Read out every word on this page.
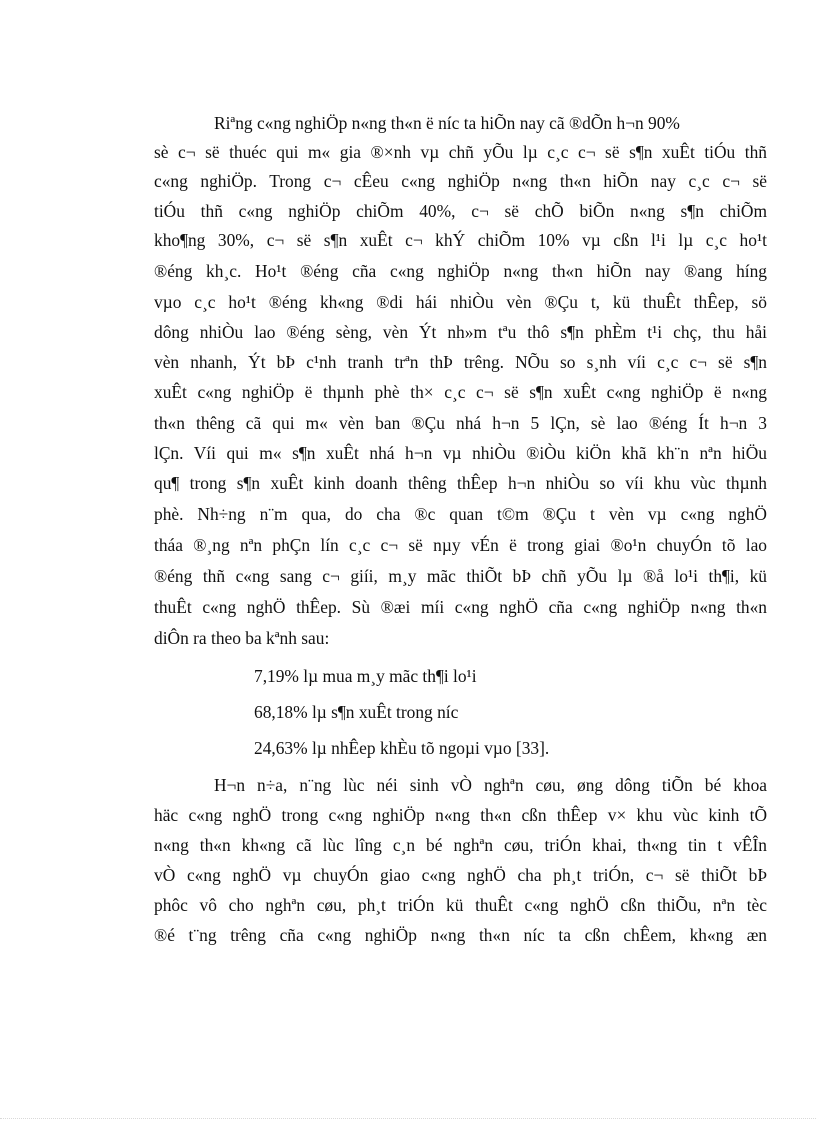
Riªng c«ng nghiÖp n«ng th«n ë níc ta hiÕn nay cã ®dÕn h¬n 90%
sè c¬ së thuéc qui m« gia ®×nh vµ chñ yÕu lµ c¸c c¬ së s¶n xuÊt tiÓu thñ
c«ng nghiÖp. Trong c¬ cÊeu c«ng nghiÖp n«ng th«n hiÕn nay c¸c c¬ së
tiÓu thñ c«ng nghiÖp chiÕm 40%, c¬ së chÕ biÕn n«ng s¶n chiÕm
kho¶ng 30%, c¬ së s¶n xuÊt c¬ khÝ chiÕm 10% vµ cßn l¹i lµ c¸c ho¹t
®éng kh¸c. Ho¹t ®éng cña c«ng nghiÖp n«ng th«n hiÕn nay ®ang híng
vµo c¸c ho¹t ®éng kh«ng ®di hái nhiÒu vèn ®Çu t, kü thuÊt thÊep, sö
dông nhiÒu lao ®éng sèng, vèn Ýt nh»m tªu thô s¶n phÈm t¹i chç, thu håi
vèn nhanh, Ýt bÞ c¹nh tranh trªn thÞ trêng. NÕu so s¸nh víi c¸c c¬ së s¶n
xuÊt c«ng nghiÖp ë thµnh phè th× c¸c c¬ së s¶n xuÊt c«ng nghiÖp ë n«ng
th«n thêng cã qui m« vèn ban ®Çu nhá h¬n 5 lÇn, sè lao ®éng Ít h¬n 3
lÇn. Víi qui m« s¶n xuÊt nhá h¬n vµ nhiÒu ®iÒu kiÖn khã kh¨n nªn hiÖu
qu¶ trong s¶n xuÊt kinh doanh thêng thÊep h¬n nhiÒu so víi khu vùc thµnh
phè. Nh÷ng n¨m qua, do cha ®c quan t©m ®Çu t vèn vµ c«ng nghÖ
tháa ®¸ng nªn phÇn lín c¸c c¬ së nµy vÉn ë trong giai ®o¹n chuyÓn tõ lao
®éng thñ c«ng sang c¬ giíi, m¸y mãc thiÕt bÞ chñ yÕu lµ ®å lo¹i th¶i, kü
thuÊt c«ng nghÖ thÊep. Sù ®æi míi c«ng nghÖ cña c«ng nghiÖp n«ng th«n
diÔn ra theo ba kªnh sau:
7,19% lµ mua m¸y mãc th¶i lo¹i
68,18% lµ s¶n xuÊt trong níc
24,63% lµ nhÊep khÈu tõ ngoµi vµo [33].
H¬n n÷a, n¨ng lùc néi sinh vÒ nghªn cøu, øng dông tiÕn bé khoa
häc c«ng nghÖ trong c«ng nghiÖp n«ng th«n cßn thÊep v× khu vùc kinh tÕ
n«ng th«n kh«ng cã lùc lîng c¸n bé nghªn cøu, triÓn khai, th«ng tin t vÊÎn
vÒ c«ng nghÖ vµ chuyÓn giao c«ng nghÖ cha ph¸t triÓn, c¬ së thiÕt bÞ
phôc vô cho nghªn cøu, ph¸t triÓn kü thuÊt c«ng nghÖ cßn thiÕu, nªn tèc
®é t¨ng trêng cña c«ng nghiÖp n«ng th«n níc ta cßn chÊem, kh«ng æn
